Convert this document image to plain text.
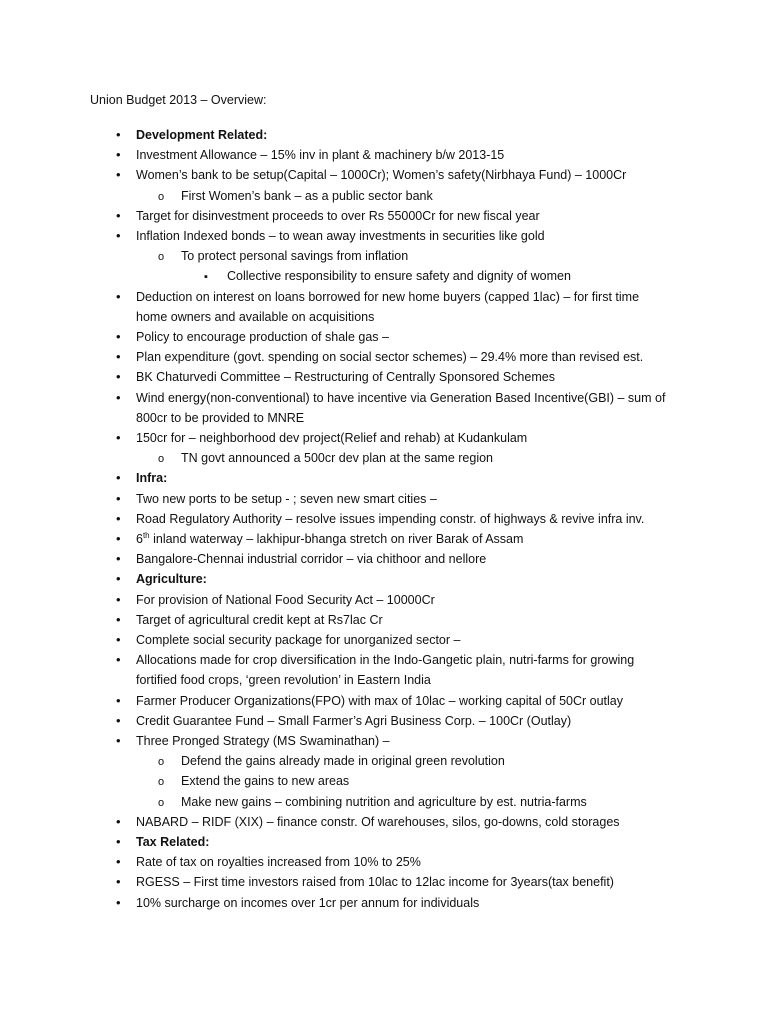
Union Budget 2013 – Overview:
•
Development Related:
•
Investment Allowance – 15% inv in plant & machinery b/w 2013-15
•
Women’s bank to be setup(Capital – 1000Cr); Women’s safety(Nirbhaya Fund) – 1000Cr
o
First Women’s bank – as a public sector bank
•
Target for disinvestment proceeds to over Rs 55000Cr for new fiscal year
•
Inflation Indexed bonds – to wean away investments in securities like gold
o
To protect personal savings from inflation
▪
Collective responsibility to ensure safety and dignity of women
•
Deduction on interest on loans borrowed for new home buyers (capped 1lac) – for first time
home owners and available on acquisitions
•
Policy to encourage production of shale gas –
•
Plan expenditure (govt. spending on social sector schemes) – 29.4% more than revised est.
•
BK Chaturvedi Committee – Restructuring of Centrally Sponsored Schemes
•
Wind energy(non-conventional) to have incentive via Generation Based Incentive(GBI) – sum of
800cr to be provided to MNRE
•
150cr for – neighborhood dev project(Relief and rehab) at Kudankulam
o
TN govt announced a 500cr dev plan at the same region
•
Infra:
•
Two new ports to be setup - ; seven new smart cities –
•
Road Regulatory Authority – resolve issues impending constr. of highways & revive infra inv.
•
6th inland waterway – lakhipur-bhanga stretch on river Barak of Assam
•
Bangalore-Chennai industrial corridor – via chithoor and nellore
•
Agriculture:
•
For provision of National Food Security Act – 10000Cr
•
Target of agricultural credit kept at Rs7lac Cr
•
Complete social security package for unorganized sector –
•
Allocations made for crop diversification in the Indo-Gangetic plain, nutri-farms for growing
fortified food crops, ‘green revolution’ in Eastern India
•
Farmer Producer Organizations(FPO) with max of 10lac – working capital of 50Cr outlay
•
Credit Guarantee Fund – Small Farmer’s Agri Business Corp. – 100Cr (Outlay)
•
Three Pronged Strategy (MS Swaminathan) –
o
Defend the gains already made in original green revolution
o
Extend the gains to new areas
o
Make new gains – combining nutrition and agriculture by est. nutria-farms
•
NABARD – RIDF (XIX) – finance constr. Of warehouses, silos, go-downs, cold storages
•
Tax Related:
•
Rate of tax on royalties increased from 10% to 25%
•
RGESS – First time investors raised from 10lac to 12lac income for 3years(tax benefit)
•
10% surcharge on incomes over 1cr per annum for individuals
